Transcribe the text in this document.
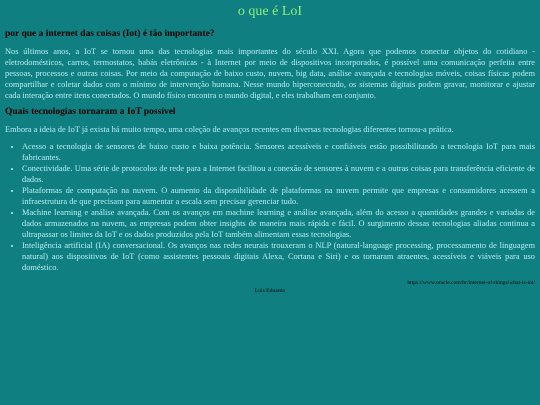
o que é LoI
por que a internet das coisas (Iot) é tão importante?

Nos últimos anos, a IoT se tornou uma das tecnologias mais importantes do século XXI. Agora que podemos conectar objetos do cotidiano - eletrodomésticos, carros, termostatos, babás eletrônicas - à Internet por meio de dispositivos incorporados, é possível uma comunicação perfeita entre pessoas, processos e outras coisas. Por meio da computação de baixo custo, nuvem, big data, análise avançada e tecnologias móveis, coisas físicas podem compartilhar e coletar dados com o mínimo de intervenção humana. Nesse mundo hiperconectado, os sistemas digitais podem gravar, monitorar e ajustar cada interação entre itens conectados. O mundo físico encontra o mundo digital, e eles trabalham em conjunto.

Quais tecnologias tornaram a IoT possível

Embora a ideia de IoT já exista há muito tempo, uma coleção de avanços recentes em diversas tecnologias diferentes tornou-a prática.

• Acesso a tecnologia de sensores de baixo custo e baixa potência. Sensores acessíveis e confiáveis estão possibilitando a tecnologia IoT para mais fabricantes.
• Conectividade. Uma série de protocolos de rede para a Internet facilitou a conexão de sensores à nuvem e a outras coisas para transferência eficiente de dados.
• Plataformas de computação na nuvem. O aumento da disponibilidade de plataformas na nuvem permite que empresas e consumidores acessem a infraestrutura de que precisam para aumentar a escala sem precisar gerenciar tudo.
• Machine learning e análise avançada. Com os avanços em machine learning e análise avançada, além do acesso a quantidades grandes e variadas de dados armazenados na nuvem, as empresas podem obter insights de maneira mais rápida e fácil. O surgimento dessas tecnologias aliadas continua a ultrapassar os limites da IoT e os dados produzidos pela IoT também alimentam essas tecnologias.
• Inteligência artificial (IA) conversacional. Os avanços nas redes neurais trouxeram o NLP (natural-language processing, processamento de linguagem natural) aos dispositivos de IoT (como assistentes pessoais digitais Alexa, Cortana e Siri) e os tornaram atraentes, acessíveis e viáveis para uso doméstico.
https://www.oracle.com/br/internet-of-things/what-is-iot/
Luis Eduardo
